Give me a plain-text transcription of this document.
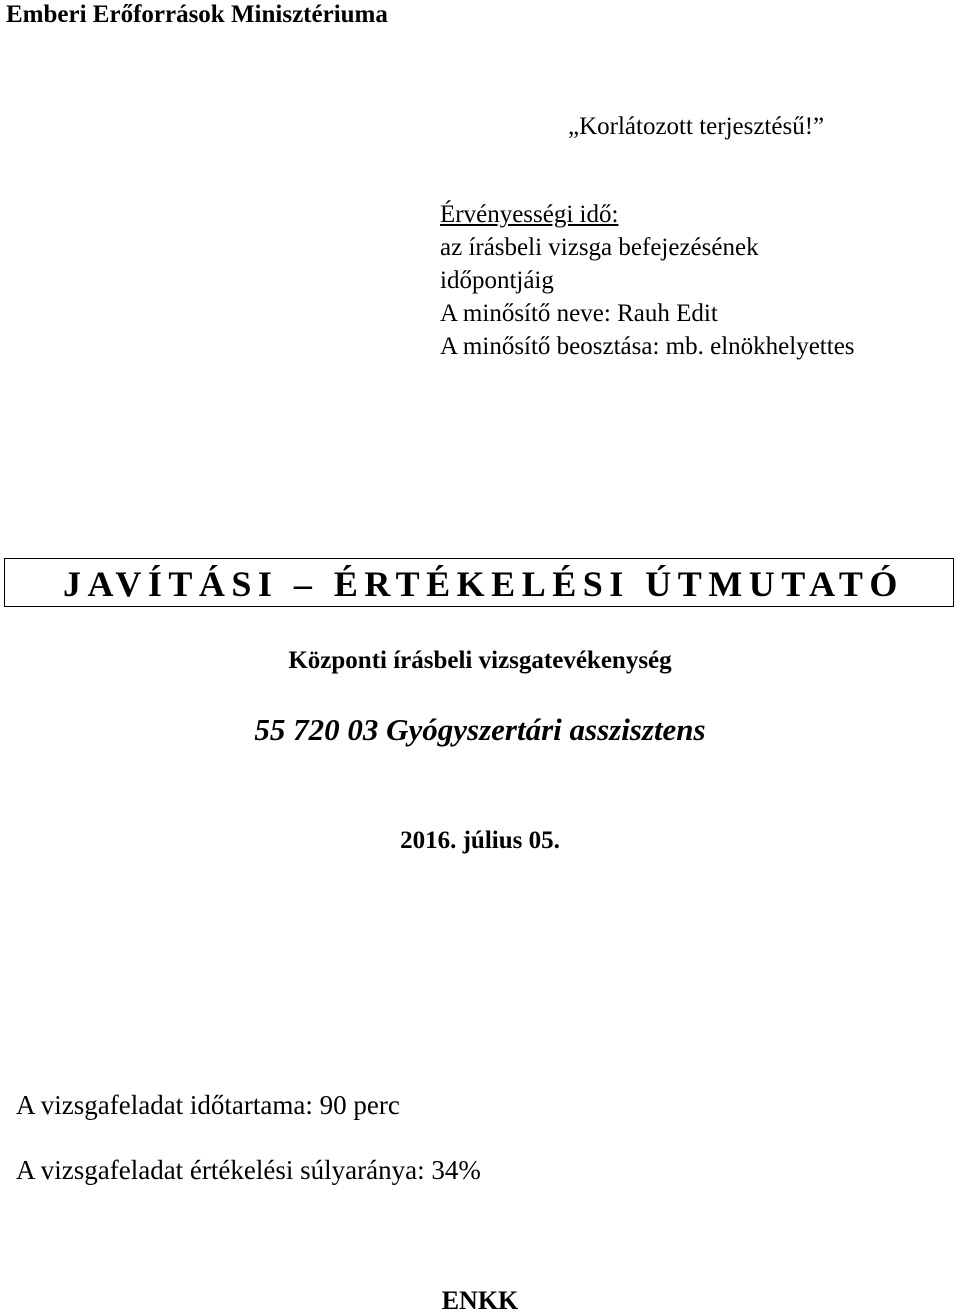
Emberi Erőforrások Minisztériuma
„Korlátozott terjesztésű!”
Érvényességi idő:
az írásbeli vizsga befejezésének
időpontjáig
A minősítő neve: Rauh Edit
A minősítő beosztása: mb. elnökhelyettes
JAVÍTÁSI – ÉRTÉKELÉSI ÚTMUTATÓ
Központi írásbeli vizsgatevékenység
55 720 03 Gyógyszertári asszisztens
2016. július 05.
A vizsgafeladat időtartama: 90 perc
A vizsgafeladat értékelési súlyaránya: 34%
ENKK
